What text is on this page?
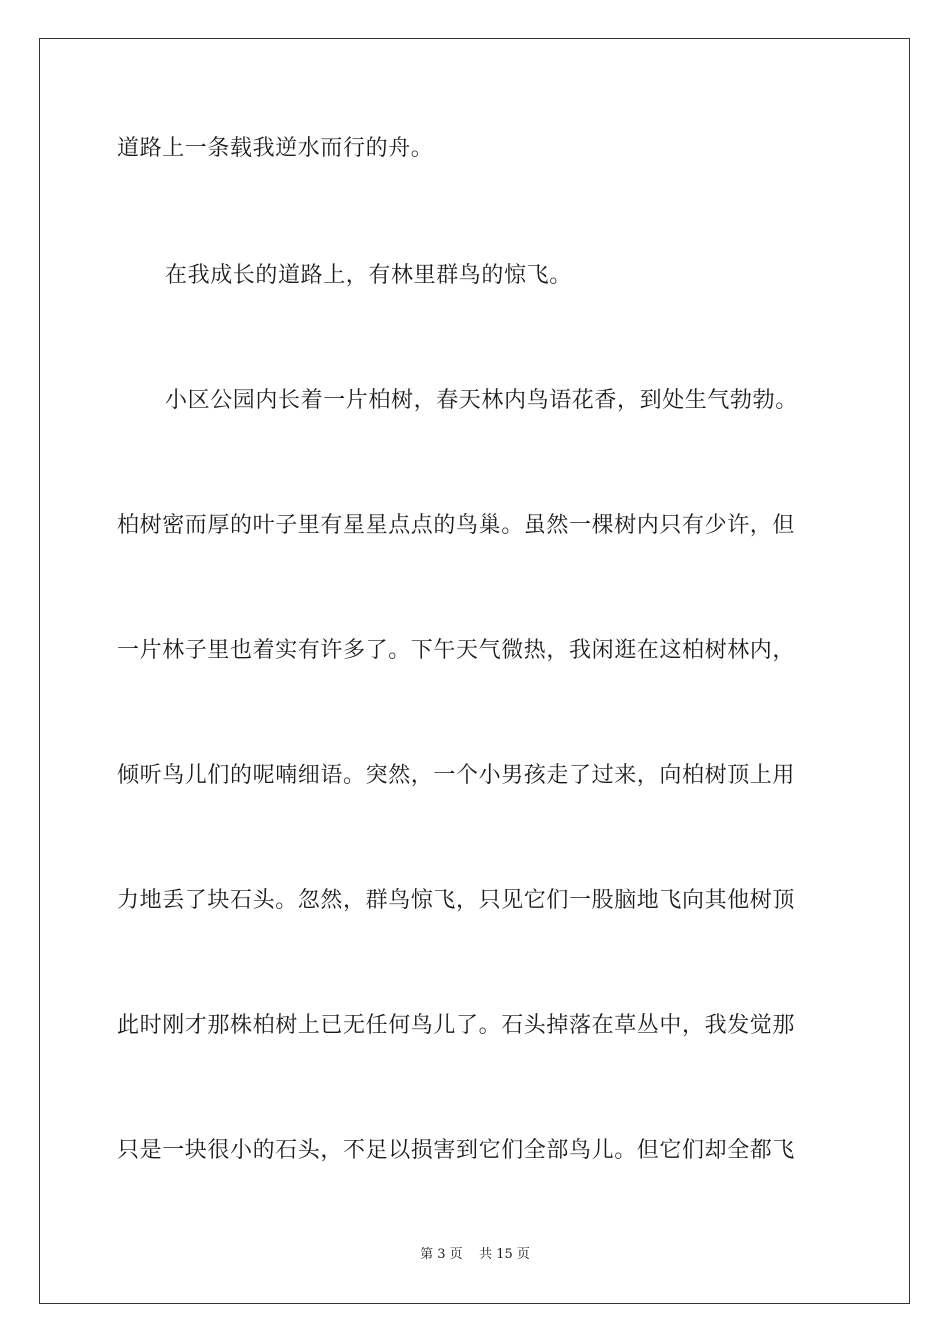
道路上一条载我逆水而行的舟。
在我成长的道路上，有林里群鸟的惊飞。
小区公园内长着一片柏树，春天林内鸟语花香，到处生气勃勃。
柏树密而厚的叶子里有星星点点的鸟巢。虽然一棵树内只有少许，但
一片林子里也着实有许多了。下午天气微热，我闲逛在这柏树林内，
倾听鸟儿们的呢喃细语。突然，一个小男孩走了过来，向柏树顶上用
力地丢了块石头。忽然，群鸟惊飞，只见它们一股脑地飞向其他树顶
此时刚才那株柏树上已无任何鸟儿了。石头掉落在草丛中，我发觉那
只是一块很小的石头，不足以损害到它们全部鸟儿。但它们却全都飞
第 3 页    共 15 页
